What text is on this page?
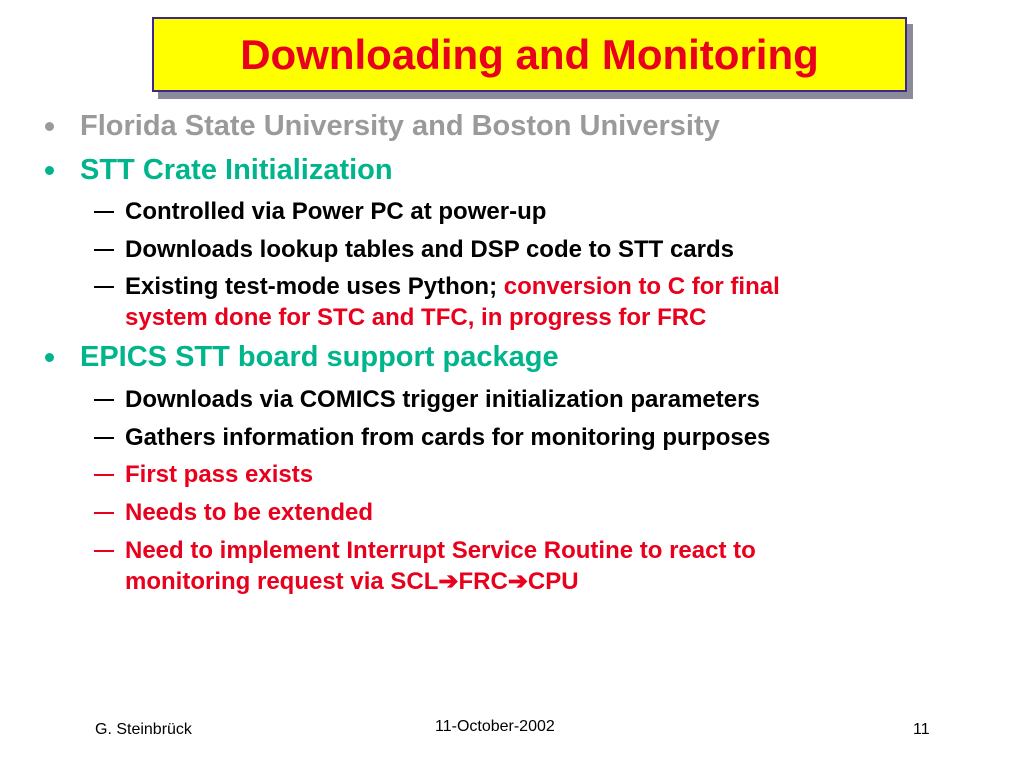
Downloading and Monitoring
Florida State University and Boston University
STT Crate Initialization
Controlled via Power PC at power-up
Downloads lookup tables and DSP code to STT cards
Existing test-mode uses Python; conversion to C for final
system done for STC and TFC, in progress for FRC
EPICS STT board support package
Downloads via COMICS trigger initialization parameters
Gathers information from cards for monitoring purposes
First pass exists
Needs to be extended
Need to implement Interrupt Service Routine to react to
monitoring request via SCL➔FRC➔CPU
G. Steinbrück	11-October-2002	11
